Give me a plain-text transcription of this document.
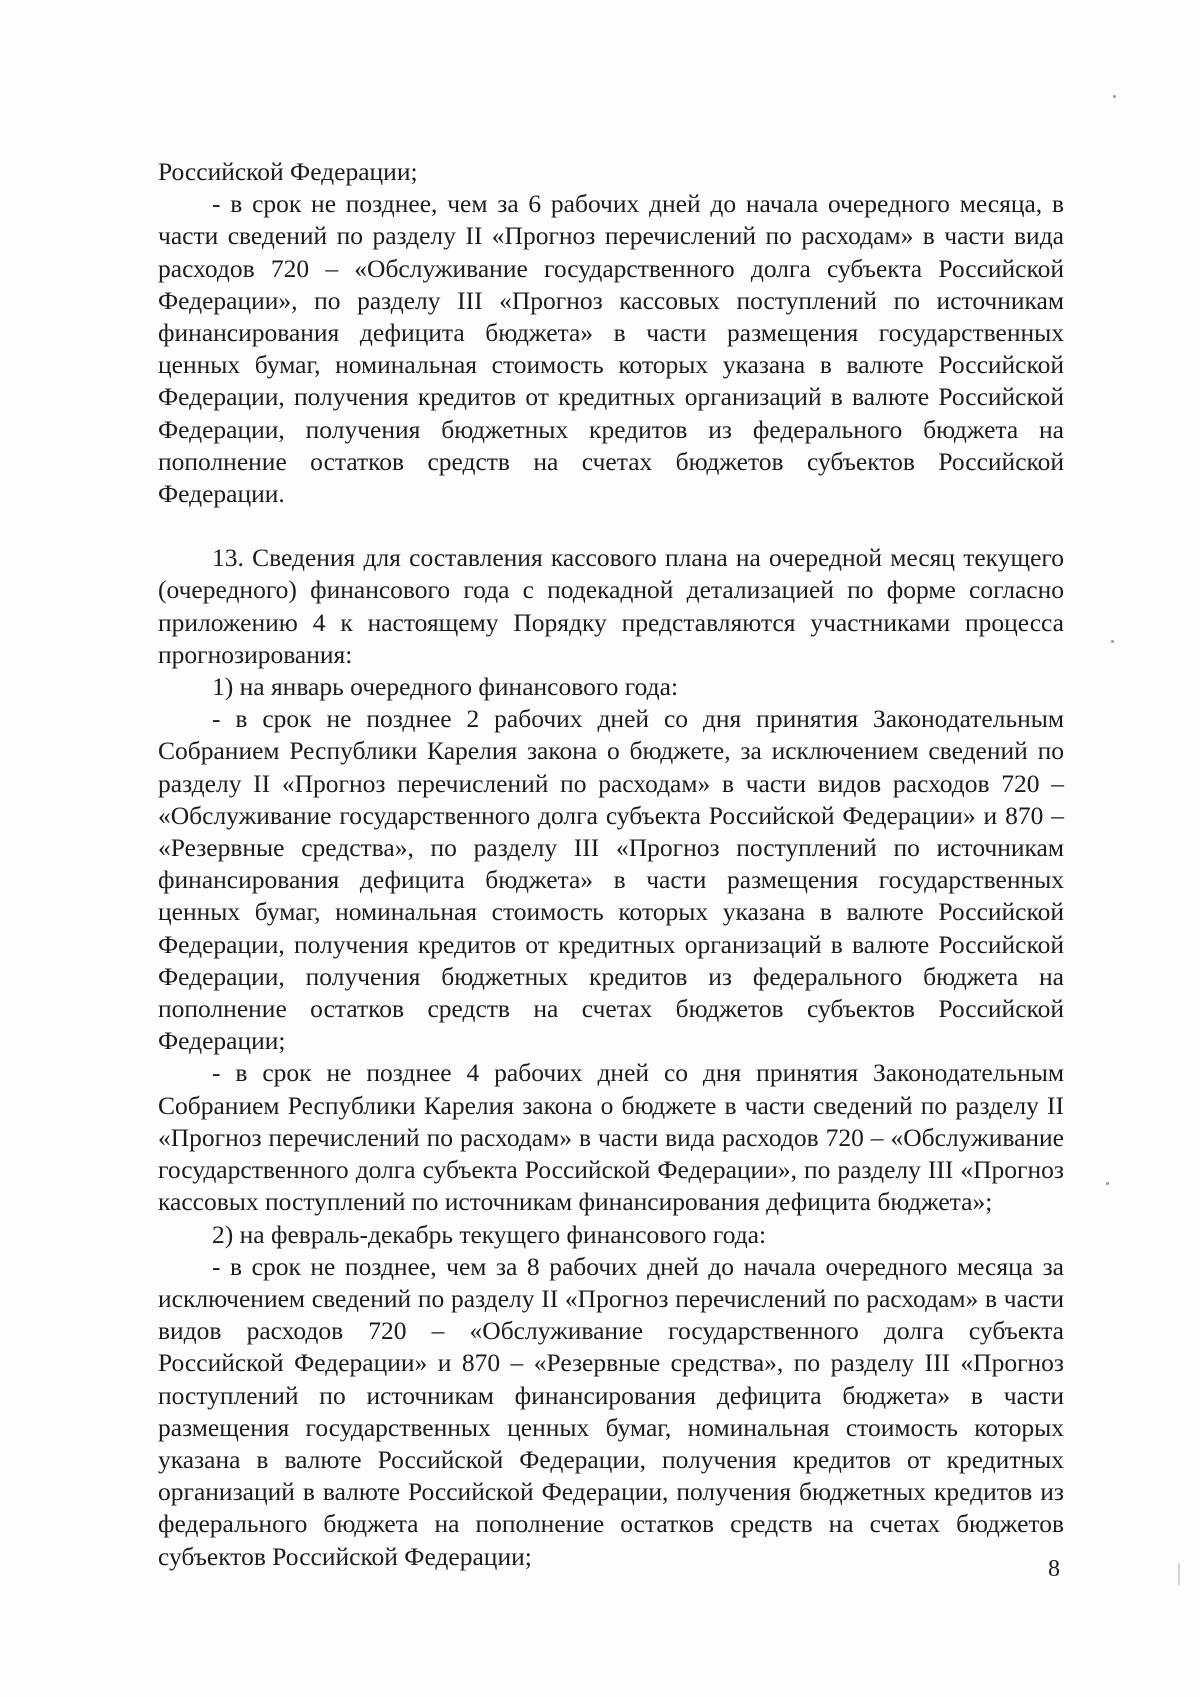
Российской Федерации;

- в срок не позднее, чем за 6 рабочих дней до начала очередного месяца, в части сведений по разделу II «Прогноз перечислений по расходам» в части вида расходов 720 – «Обслуживание государственного долга субъекта Российской Федерации», по разделу III «Прогноз кассовых поступлений по источникам финансирования дефицита бюджета» в части размещения государственных ценных бумаг, номинальная стоимость которых указана в валюте Российской Федерации, получения кредитов от кредитных организаций в валюте Российской Федерации, получения бюджетных кредитов из федерального бюджета на пополнение остатков средств на счетах бюджетов субъектов Российской Федерации.

13. Сведения для составления кассового плана на очередной месяц текущего (очередного) финансового года с подекадной детализацией по форме согласно приложению 4 к настоящему Порядку представляются участниками процесса прогнозирования:

1) на январь очередного финансового года:

- в срок не позднее 2 рабочих дней со дня принятия Законодательным Собранием Республики Карелия закона о бюджете, за исключением сведений по разделу II «Прогноз перечислений по расходам» в части видов расходов 720 – «Обслуживание государственного долга субъекта Российской Федерации» и 870 – «Резервные средства», по разделу III «Прогноз поступлений по источникам финансирования дефицита бюджета» в части размещения государственных ценных бумаг, номинальная стоимость которых указана в валюте Российской Федерации, получения кредитов от кредитных организаций в валюте Российской Федерации, получения бюджетных кредитов из федерального бюджета на пополнение остатков средств на счетах бюджетов субъектов Российской Федерации;

- в срок не позднее 4 рабочих дней со дня принятия Законодательным Собранием Республики Карелия закона о бюджете в части сведений по разделу II «Прогноз перечислений по расходам» в части вида расходов 720 – «Обслуживание государственного долга субъекта Российской Федерации», по разделу III «Прогноз кассовых поступлений по источникам финансирования дефицита бюджета»;

2) на февраль-декабрь текущего финансового года:

- в срок не позднее, чем за 8 рабочих дней до начала очередного месяца за исключением сведений по разделу II «Прогноз перечислений по расходам» в части видов расходов 720 – «Обслуживание государственного долга субъекта Российской Федерации» и 870 – «Резервные средства», по разделу III «Прогноз поступлений по источникам финансирования дефицита бюджета» в части размещения государственных ценных бумаг, номинальная стоимость которых указана в валюте Российской Федерации, получения кредитов от кредитных организаций в валюте Российской Федерации, получения бюджетных кредитов из федерального бюджета на пополнение остатков средств на счетах бюджетов субъектов Российской Федерации;	8
